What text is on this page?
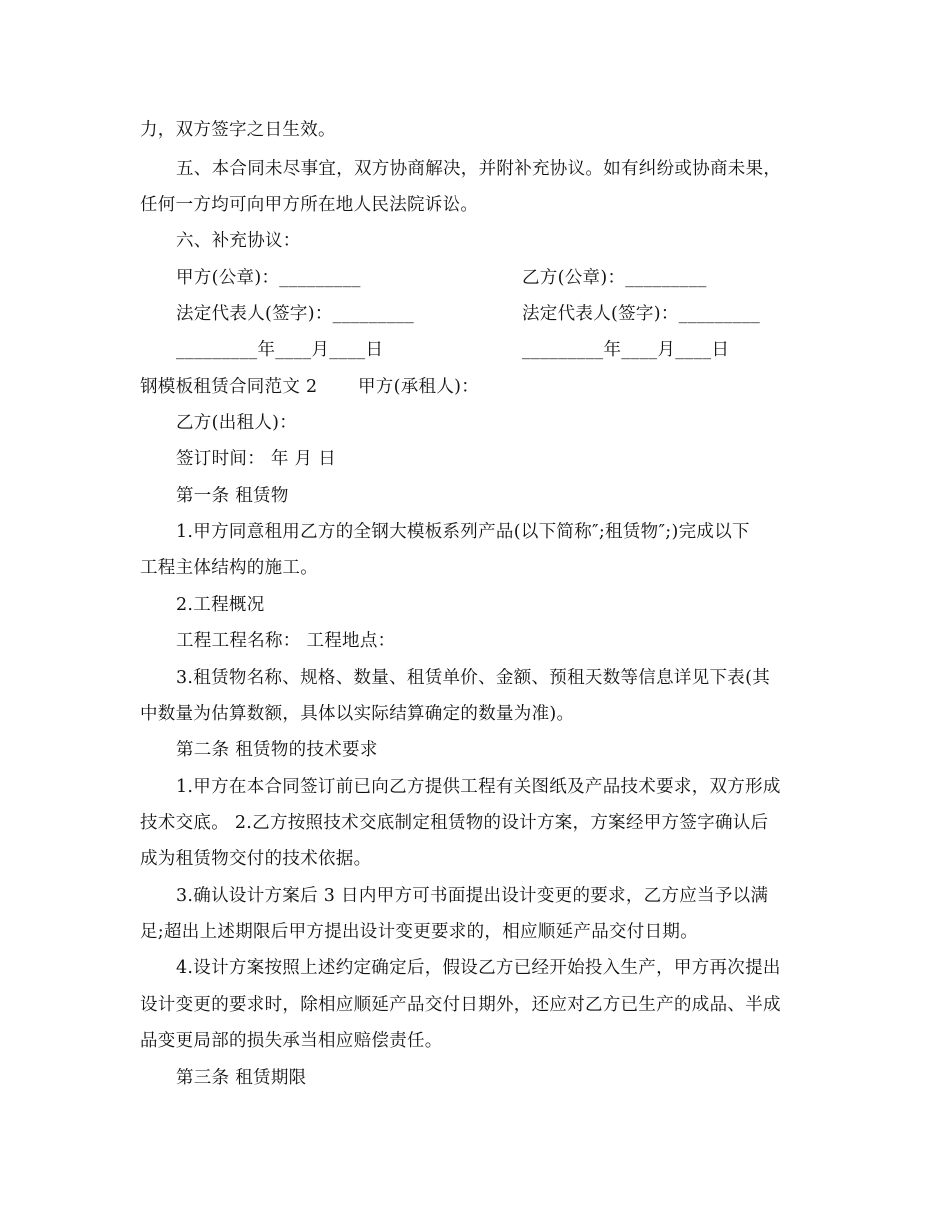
力，双方签字之日生效。
五、本合同未尽事宜，双方协商解决，并附补充协议。如有纠纷或协商未果，
任何一方均可向甲方所在地人民法院诉讼。
六、补充协议：
甲方(公章)：_________	乙方(公章)：_________
法定代表人(签字)：_________	法定代表人(签字)：_________
_________年____月____日	_________年____月____日
钢模板租赁合同范文 2 甲方(承租人)：
乙方(出租人)：
签订时间： 年 月 日
第一条 租赁物
1.甲方同意租用乙方的全钢大模板系列产品(以下简称″;租赁物″;)完成以下
工程主体结构的施工。
2.工程概况
工程工程名称： 工程地点：
3.租赁物名称、规格、数量、租赁单价、金额、预租天数等信息详见下表(其
中数量为估算数额，具体以实际结算确定的数量为准)。
第二条 租赁物的技术要求
1.甲方在本合同签订前已向乙方提供工程有关图纸及产品技术要求，双方形成
技术交底。 2.乙方按照技术交底制定租赁物的设计方案，方案经甲方签字确认后
成为租赁物交付的技术依据。
3.确认设计方案后 3 日内甲方可书面提出设计变更的要求，乙方应当予以满
足;超出上述期限后甲方提出设计变更要求的，相应顺延产品交付日期。
4.设计方案按照上述约定确定后，假设乙方已经开始投入生产，甲方再次提出
设计变更的要求时，除相应顺延产品交付日期外，还应对乙方已生产的成品、半成
品变更局部的损失承当相应赔偿责任。
第三条 租赁期限
